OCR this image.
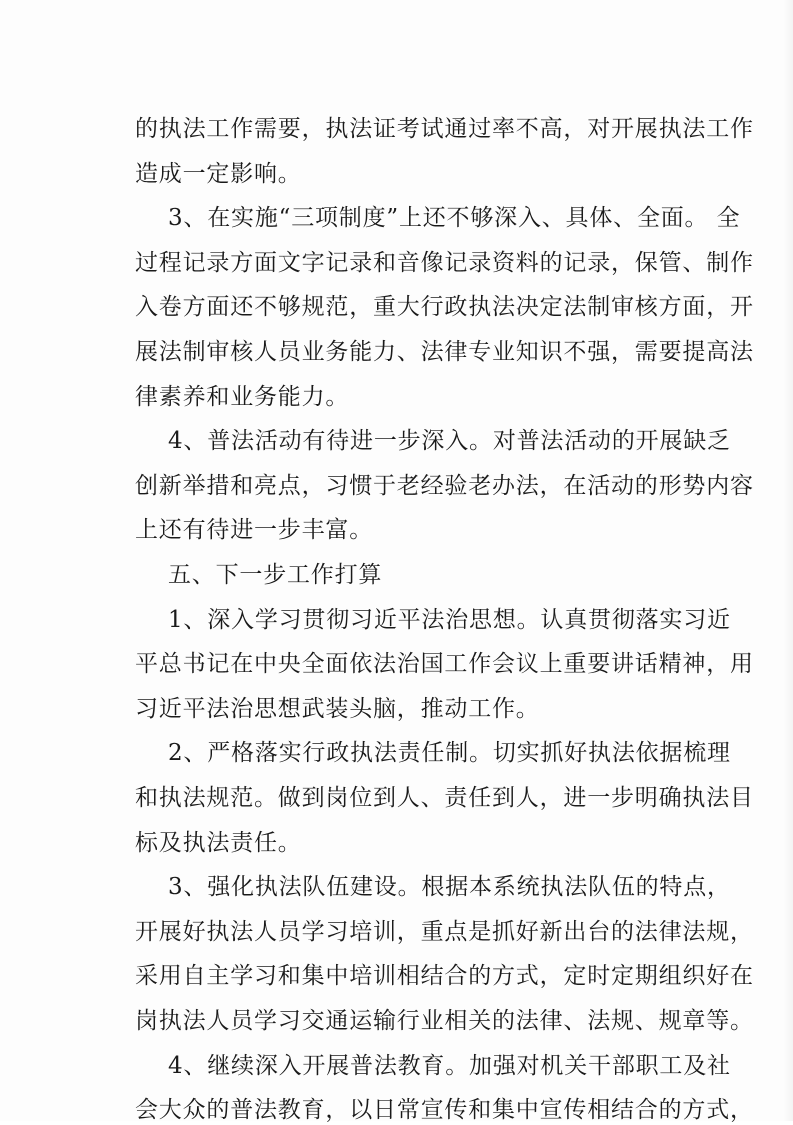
的执法工作需要，执法证考试通过率不高，对开展执法工作
造成一定影响。
3、在实施“三项制度”上还不够深入、具体、全面。 全
过程记录方面文字记录和音像记录资料的记录，保管、制作
入卷方面还不够规范，重大行政执法决定法制审核方面，开
展法制审核人员业务能力、法律专业知识不强，需要提高法
律素养和业务能力。
4、普法活动有待进一步深入。对普法活动的开展缺乏
创新举措和亮点，习惯于老经验老办法，在活动的形势内容
上还有待进一步丰富。
五、下一步工作打算
1、深入学习贯彻习近平法治思想。认真贯彻落实习近
平总书记在中央全面依法治国工作会议上重要讲话精神，用
习近平法治思想武装头脑，推动工作。
2、严格落实行政执法责任制。切实抓好执法依据梳理
和执法规范。做到岗位到人、责任到人，进一步明确执法目
标及执法责任。
3、强化执法队伍建设。根据本系统执法队伍的特点，
开展好执法人员学习培训，重点是抓好新出台的法律法规，
采用自主学习和集中培训相结合的方式，定时定期组织好在
岗执法人员学习交通运输行业相关的法律、法规、规章等。
4、继续深入开展普法教育。加强对机关干部职工及社
会大众的普法教育，以日常宣传和集中宣传相结合的方式，
